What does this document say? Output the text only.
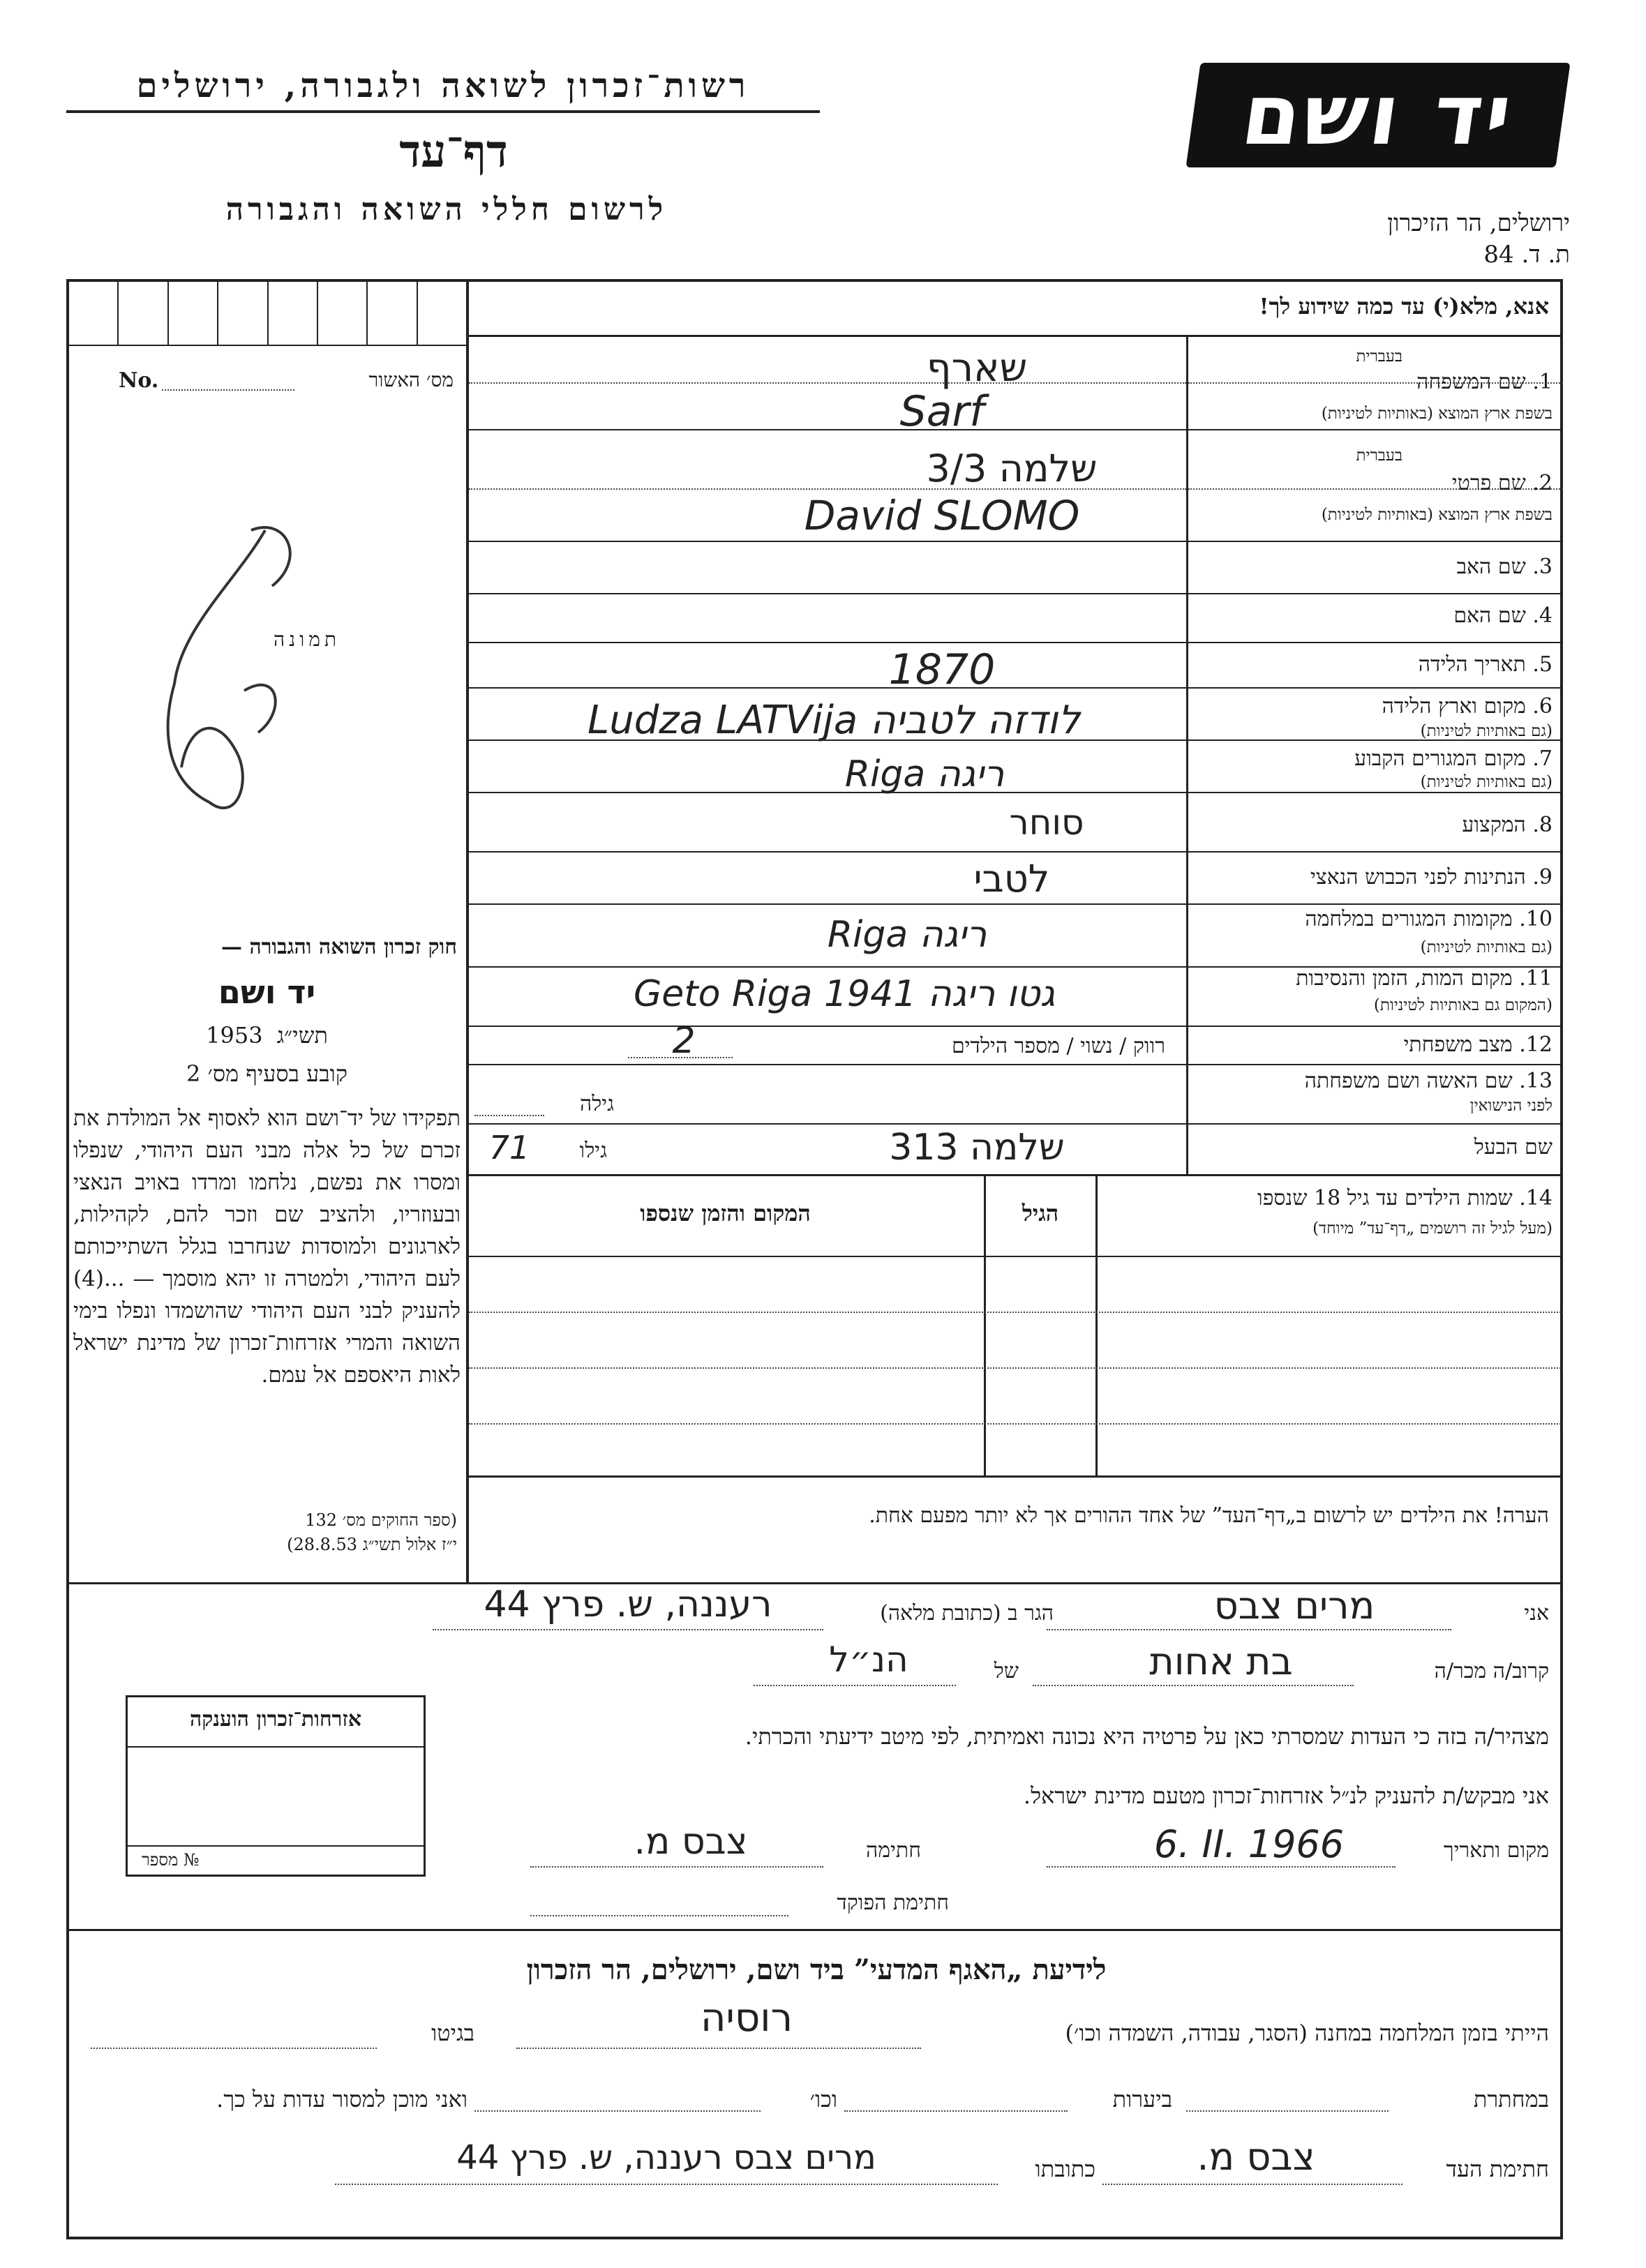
רשות־זכרון לשואה ולגבורה, ירושלים
דף־עד
לרשום חללי השואה והגבורה
יד ושם
ירושלים, הר הזיכרון
ת. ד. 84
אנא, מלא(י) עד כמה שידוע לך!
No.	מס׳ האשור
תמונה
חוק זכרון השואה והגבורה —
יד ושם
1953 תשי״ג
קובע בסעיף מס׳ 2
תפקידו של יד־ושם הוא לאסוף אל המולדת את זכרם של כל אלה מבני העם היהודי, שנפלו ומסרו את נפשם, נלחמו ומרדו באויב הנאצי ובעוזריו, ולהציב שם וזכר להם, לקהילות, לארגונים ולמוסדות שנחרבו בגלל השתייכותם לעם היהודי, ולמטרה זו יהא מוסמך — ...(4) להעניק לבני העם היהודי שהושמדו ונפלו בימי השואה והמרי אזרחות־זכרון של מדינת ישראל לאות היאספם אל עמם.
(ספר החוקים מס׳ 132
י״ז אלול תשי״ג 28.8.53)
בעברית
1. שם המשפחה
בשפת ארץ המוצא (באותיות לטיניות)
שארף
Sarf
בעברית
2. שם פרטי
בשפת ארץ המוצא (באותיות לטיניות)
שלמה 3/3
David SLOMO
3. שם האב
4. שם האם
5. תאריך הלידה
1870
6. מקום וארץ הלידה
(גם באותיות לטיניות)
Ludza LATVija לודזה לטביה
7. מקום המגורים הקבוע
(גם באותיות לטיניות)
Riga ריגה
8. המקצוע
סוחר
9. הנתינות לפני הכבוש הנאצי
לטבי
10. מקומות המגורים במלחמה
(גם באותיות לטיניות)
Riga ריגה
11. מקום המות, הזמן והנסיבות
(המקום גם באותיות לטיניות)
Geto Riga גטו ריגה 1941
12. מצב משפחתי
רווק / נשוי / מספר הילדים
2
13. שם האשה ושם משפחתה
לפני הנישואין
גילה
שם הבעל
גילו
71	שלמה 313
14. שמות הילדים עד גיל 18 שנספו
(מעל לגיל זה רושמים „דף־עד” מיוחד)
הגיל
המקום והזמן שנספו
הערה! את הילדים יש לרשום ב„דף־העד” של אחד ההורים אך לא יותר מפעם אחת.
אני
מרים צבס
הגר ב (כתובת מלאה)
רעננה, ש. פרץ 44
קרוב/ה מכר/ה
בת אחות
של
הנ״ל
מצהיר/ה בזה כי העדות שמסרתי כאן על פרטיה היא נכונה ואמיתית, לפי מיטב ידיעתי והכרתי.
אני מבקש/ת להעניק לנ״ל אזרחות־זכרון מטעם מדינת ישראל.
מקום ותאריך
6. II. 1966
חתימה
צבס מ.
חתימת הפוקד
אזרחות־זכרון הוענקה
№ מספר
לידיעת „האגף המדעי” ביד ושם, ירושלים, הר הזכרון
הייתי בזמן המלחמה במחנה (הסגר, עבודה, השמדה וכו׳)
רוסיה
בגיטו
במחתרת
ביערות
וכו׳
ואני מוכן למסור עדות על כך.
חתימת העד
צבס מ.
כתובתו
מרים צבס רעננה, ש. פרץ 44
